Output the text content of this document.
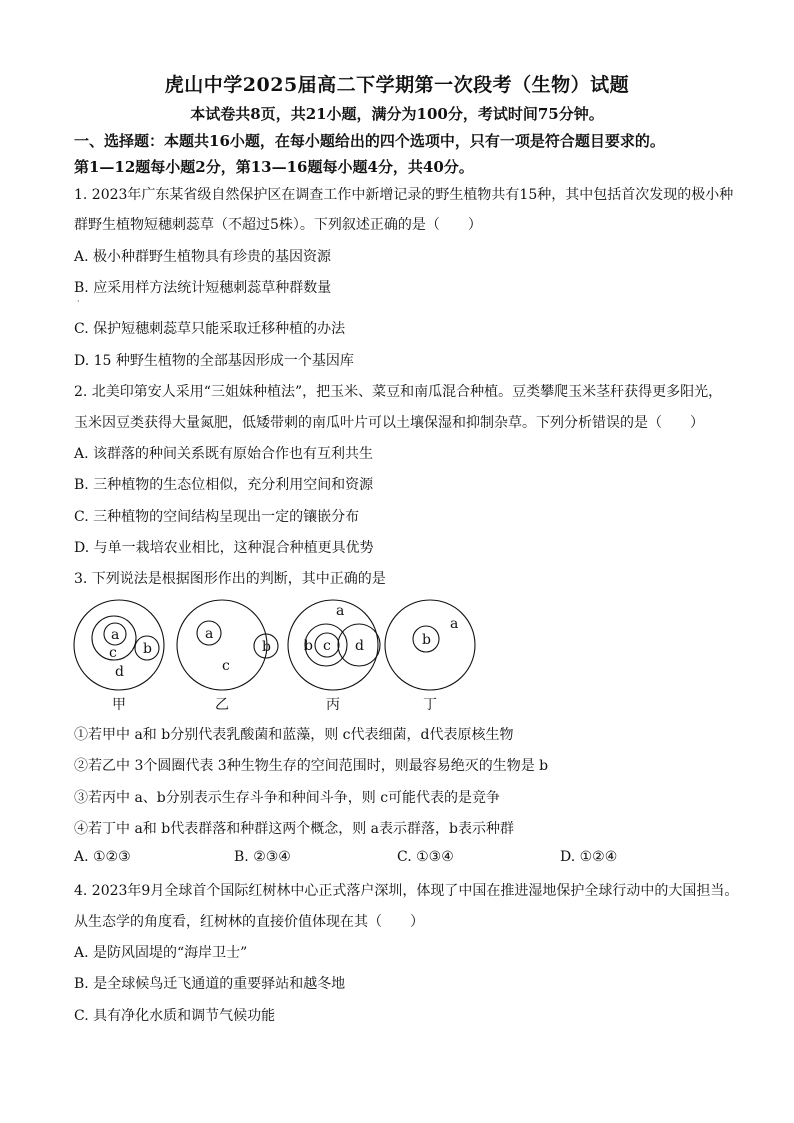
虎山中学2025届高二下学期第一次段考（生物）试题
本试卷共8页，共21小题，满分为100分，考试时间75分钟。
一、选择题：本题共16小题，在每小题给出的四个选项中，只有一项是符合题目要求的。
第1—12题每小题2分，第13—16题每小题4分，共40分。
1. 2023年广东某省级自然保护区在调查工作中新增记录的野生植物共有15种，其中包括首次发现的极小种
群野生植物短穗刺蕊草（不超过5株）。下列叙述正确的是（　　）
A. 极小种群野生植物具有珍贵的基因资源
B. 应采用样方法统计短穗刺蕊草种群数量
·
C. 保护短穗刺蕊草只能采取迁移种植的办法
D. 15 种野生植物的全部基因形成一个基因库
2. 北美印第安人采用“三姐妹种植法”，把玉米、菜豆和南瓜混合种植。豆类攀爬玉米茎秆获得更多阳光，
玉米因豆类获得大量氮肥，低矮带刺的南瓜叶片可以土壤保湿和抑制杂草。下列分析错误的是（　　）
A. 该群落的种间关系既有原始合作也有互利共生
B. 三种植物的生态位相似，充分利用空间和资源
C. 三种植物的空间结构呈现出一定的镶嵌分布
D. 与单一栽培农业相比，这种混合种植更具优势
3. 下列说法是根据图形作出的判断，其中正确的是
a
c b
d
a
c
b
a
b c d
a
b
甲	乙	丙	丁
①若甲中 a和 b分别代表乳酸菌和蓝藻，则 c代表细菌，d代表原核生物
②若乙中 3个圆圈代表 3种生物生存的空间范围时，则最容易绝灭的生物是 b
③若丙中 a、b分别表示生存斗争和种间斗争，则 c可能代表的是竞争
④若丁中 a和 b代表群落和种群这两个概念，则 a表示群落，b表示种群
A. ①②③	B. ②③④	C. ①③④	D. ①②④
4. 2023年9月全球首个国际红树林中心正式落户深圳，体现了中国在推进湿地保护全球行动中的大国担当。
从生态学的角度看，红树林的直接价值体现在其（　　）
A. 是防风固堤的“海岸卫士”
B. 是全球候鸟迁飞通道的重要驿站和越冬地
C. 具有净化水质和调节气候功能
